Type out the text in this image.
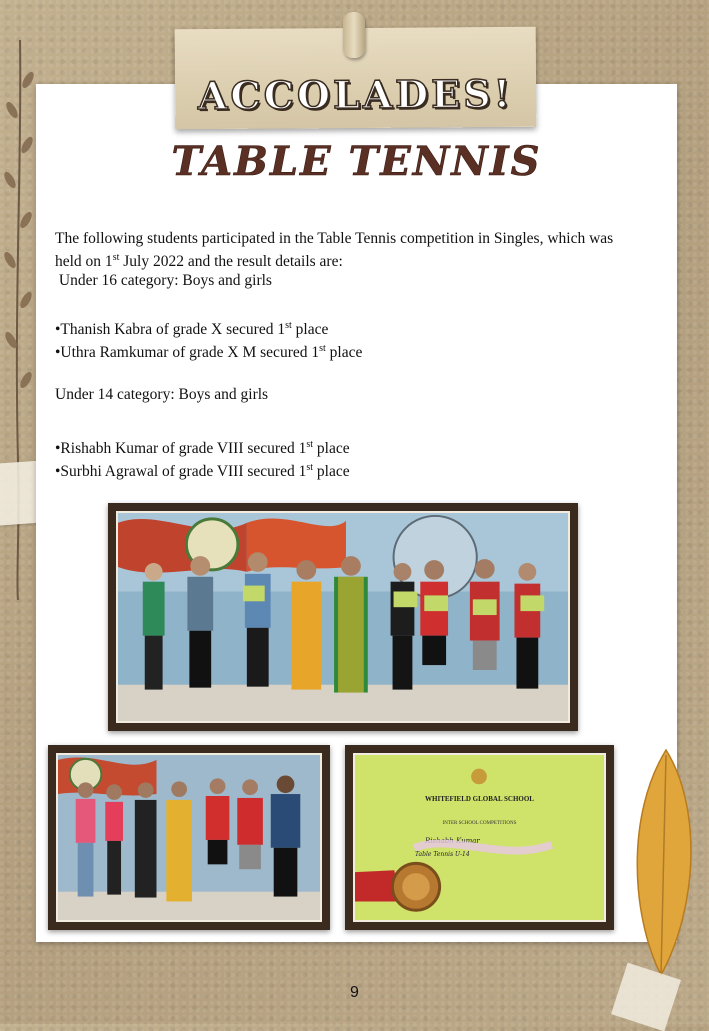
ACCOLADES!
TABLE TENNIS
The following students participated in the Table Tennis competition in Singles, which was
held on 1st July 2022 and the result details are:
Under 16 category: Boys and girls
•Thanish Kabra of grade X secured 1st place
•Uthra Ramkumar of grade X M secured 1st place
Under 14 category: Boys and girls
•Rishabh Kumar of grade VIII secured 1st place
•Surbhi Agrawal of grade VIII secured 1st place
WHITEFIELD GLOBAL SCHOOL
INTER SCHOOL COMPETITIONS
Rishabh Kumar
Table Tennis U-14
9
